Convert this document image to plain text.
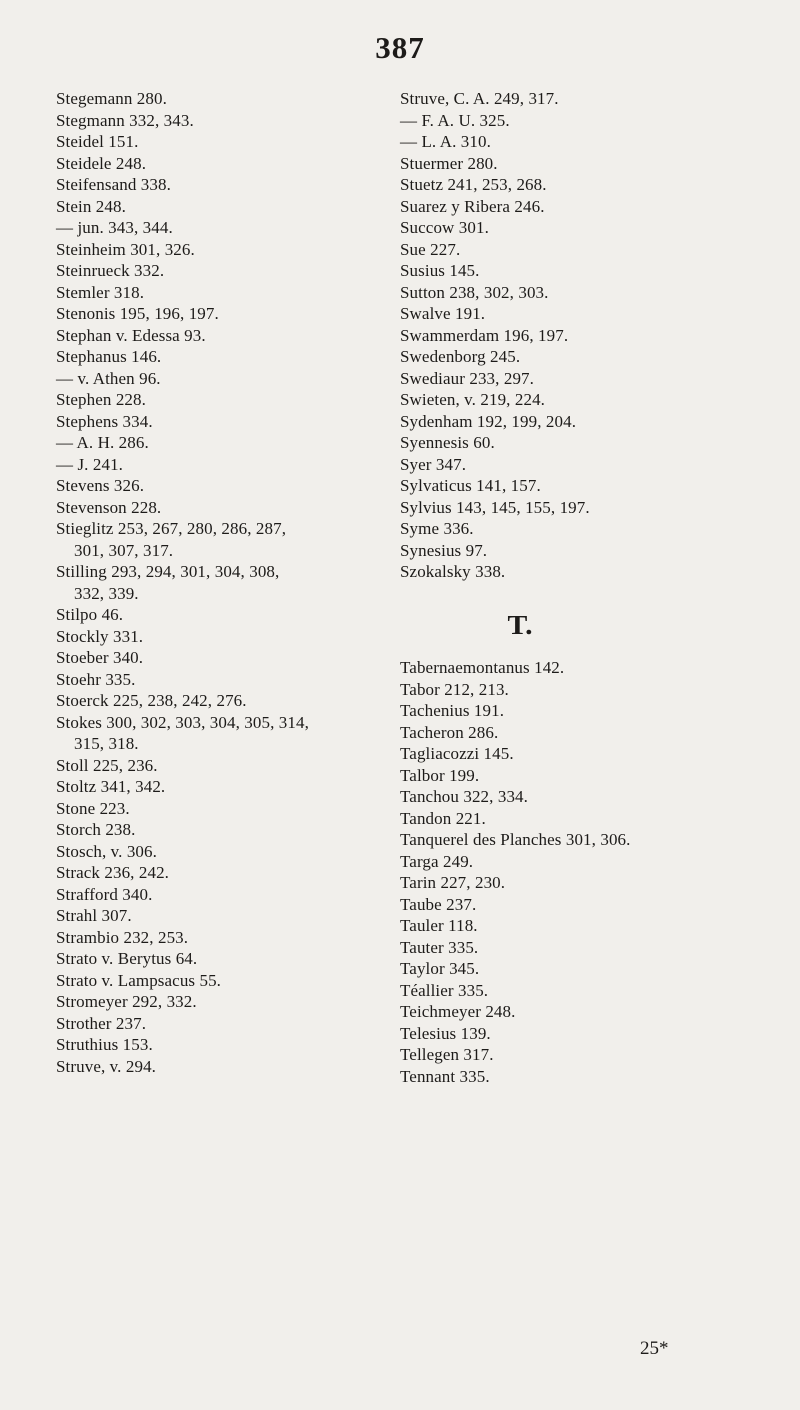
387
Stegemann 280.
Stegmann 332, 343.
Steidel 151.
Steidele 248.
Steifensand 338.
Stein 248.
— jun. 343, 344.
Steinheim 301, 326.
Steinrueck 332.
Stemler 318.
Stenonis 195, 196, 197.
Stephan v. Edessa 93.
Stephanus 146.
— v. Athen 96.
Stephen 228.
Stephens 334.
— A. H. 286.
— J. 241.
Stevens 326.
Stevenson 228.
Stieglitz 253, 267, 280, 286, 287,
301, 307, 317.
Stilling 293, 294, 301, 304, 308,
332, 339.
Stilpo 46.
Stockly 331.
Stoeber 340.
Stoehr 335.
Stoerck 225, 238, 242, 276.
Stokes 300, 302, 303, 304, 305, 314,
315, 318.
Stoll 225, 236.
Stoltz 341, 342.
Stone 223.
Storch 238.
Stosch, v. 306.
Strack 236, 242.
Strafford 340.
Strahl 307.
Strambio 232, 253.
Strato v. Berytus 64.
Strato v. Lampsacus 55.
Stromeyer 292, 332.
Strother 237.
Struthius 153.
Struve, v. 294.
Struve, C. A. 249, 317.
— F. A. U. 325.
— L. A. 310.
Stuermer 280.
Stuetz 241, 253, 268.
Suarez y Ribera 246.
Succow 301.
Sue 227.
Susius 145.
Sutton 238, 302, 303.
Swalve 191.
Swammerdam 196, 197.
Swedenborg 245.
Swediaur 233, 297.
Swieten, v. 219, 224.
Sydenham 192, 199, 204.
Syennesis 60.
Syer 347.
Sylvaticus 141, 157.
Sylvius 143, 145, 155, 197.
Syme 336.
Synesius 97.
Szokalsky 338.
T.
Tabernaemontanus 142.
Tabor 212, 213.
Tachenius 191.
Tacheron 286.
Tagliacozzi 145.
Talbor 199.
Tanchou 322, 334.
Tandon 221.
Tanquerel des Planches 301, 306.
Targa 249.
Tarin 227, 230.
Taube 237.
Tauler 118.
Tauter 335.
Taylor 345.
Téallier 335.
Teichmeyer 248.
Telesius 139.
Tellegen 317.
Tennant 335.
25*
